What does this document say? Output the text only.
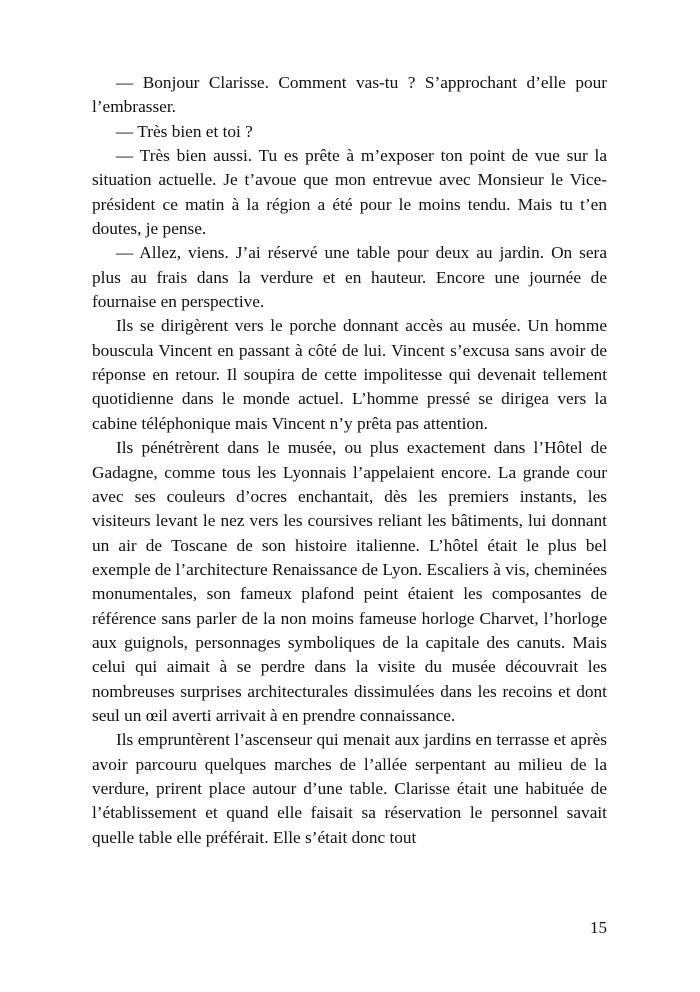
— Bonjour Clarisse. Comment vas-tu ? S’approchant d’elle pour l’embrasser.

— Très bien et toi ?

— Très bien aussi. Tu es prête à m’exposer ton point de vue sur la situation actuelle. Je t’avoue que mon entrevue avec Monsieur le Vice-président ce matin à la région a été pour le moins tendu. Mais tu t’en doutes, je pense.

— Allez, viens. J’ai réservé une table pour deux au jardin. On sera plus au frais dans la verdure et en hauteur. Encore une journée de fournaise en perspective.

Ils se dirigèrent vers le porche donnant accès au musée. Un homme bouscula Vincent en passant à côté de lui. Vincent s’excusa sans avoir de réponse en retour. Il soupira de cette impolitesse qui devenait tellement quotidienne dans le monde actuel. L’homme pressé se dirigea vers la cabine téléphonique mais Vincent n’y prêta pas attention.

Ils pénétrèrent dans le musée, ou plus exactement dans l’Hôtel de Gadagne, comme tous les Lyonnais l’appelaient encore. La grande cour avec ses couleurs d’ocres enchantait, dès les premiers instants, les visiteurs levant le nez vers les coursives reliant les bâtiments, lui donnant un air de Toscane de son histoire italienne. L’hôtel était le plus bel exemple de l’architecture Renaissance de Lyon. Escaliers à vis, cheminées monumentales, son fameux plafond peint étaient les composantes de référence sans parler de la non moins fameuse horloge Charvet, l’horloge aux guignols, personnages symboliques de la capitale des canuts. Mais celui qui aimait à se perdre dans la visite du musée découvrait les nombreuses surprises architecturales dissimulées dans les recoins et dont seul un œil averti arrivait à en prendre connaissance.

Ils empruntèrent l’ascenseur qui menait aux jardins en terrasse et après avoir parcouru quelques marches de l’allée serpentant au milieu de la verdure, prirent place autour d’une table. Clarisse était une habituée de l’établissement et quand elle faisait sa réservation le personnel savait quelle table elle préférait. Elle s’était donc tout

15
